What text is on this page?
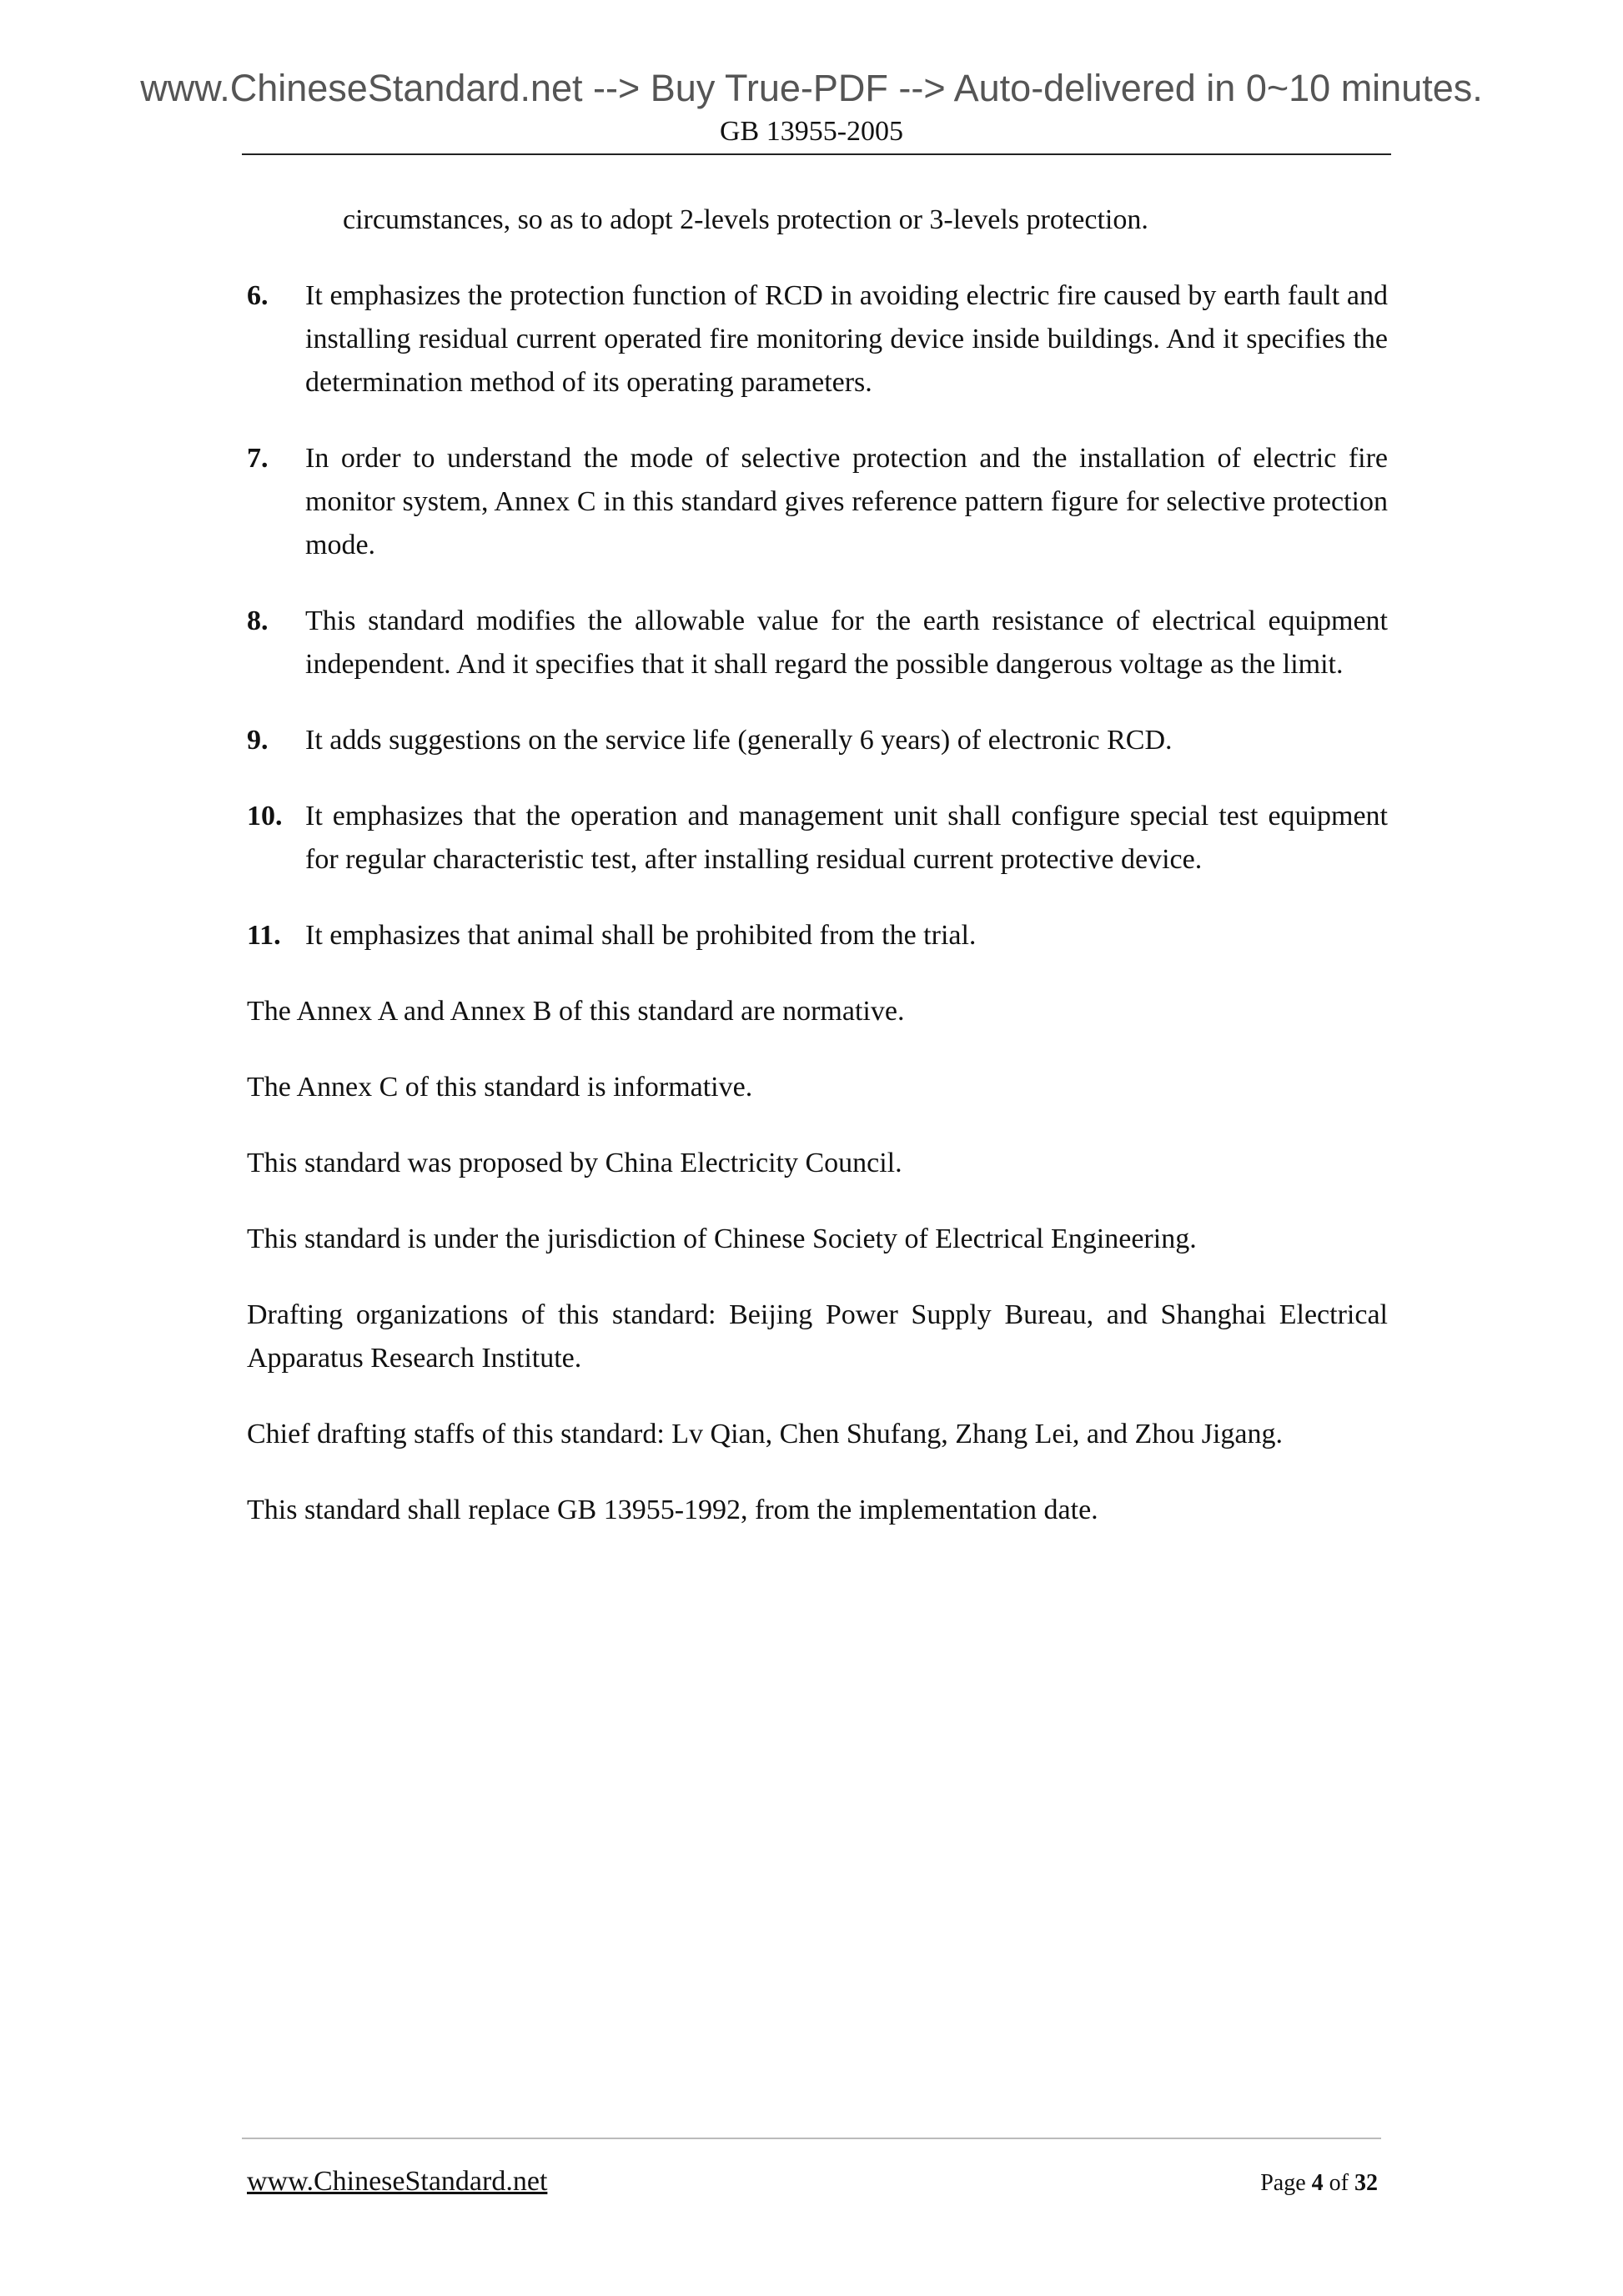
www.ChineseStandard.net --> Buy True-PDF --> Auto-delivered in 0~10 minutes.
GB 13955-2005
circumstances, so as to adopt 2-levels protection or 3-levels protection.
6. It emphasizes the protection function of RCD in avoiding electric fire caused by earth fault and installing residual current operated fire monitoring device inside buildings. And it specifies the determination method of its operating parameters.
7. In order to understand the mode of selective protection and the installation of electric fire monitor system, Annex C in this standard gives reference pattern figure for selective protection mode.
8. This standard modifies the allowable value for the earth resistance of electrical equipment independent. And it specifies that it shall regard the possible dangerous voltage as the limit.
9. It adds suggestions on the service life (generally 6 years) of electronic RCD.
10. It emphasizes that the operation and management unit shall configure special test equipment for regular characteristic test, after installing residual current protective device.
11. It emphasizes that animal shall be prohibited from the trial.

The Annex A and Annex B of this standard are normative.

The Annex C of this standard is informative.

This standard was proposed by China Electricity Council.

This standard is under the jurisdiction of Chinese Society of Electrical Engineering.

Drafting organizations of this standard: Beijing Power Supply Bureau, and Shanghai Electrical Apparatus Research Institute.

Chief drafting staffs of this standard: Lv Qian, Chen Shufang, Zhang Lei, and Zhou Jigang.

This standard shall replace GB 13955-1992, from the implementation date.

www.ChineseStandard.net	Page 4 of 32
